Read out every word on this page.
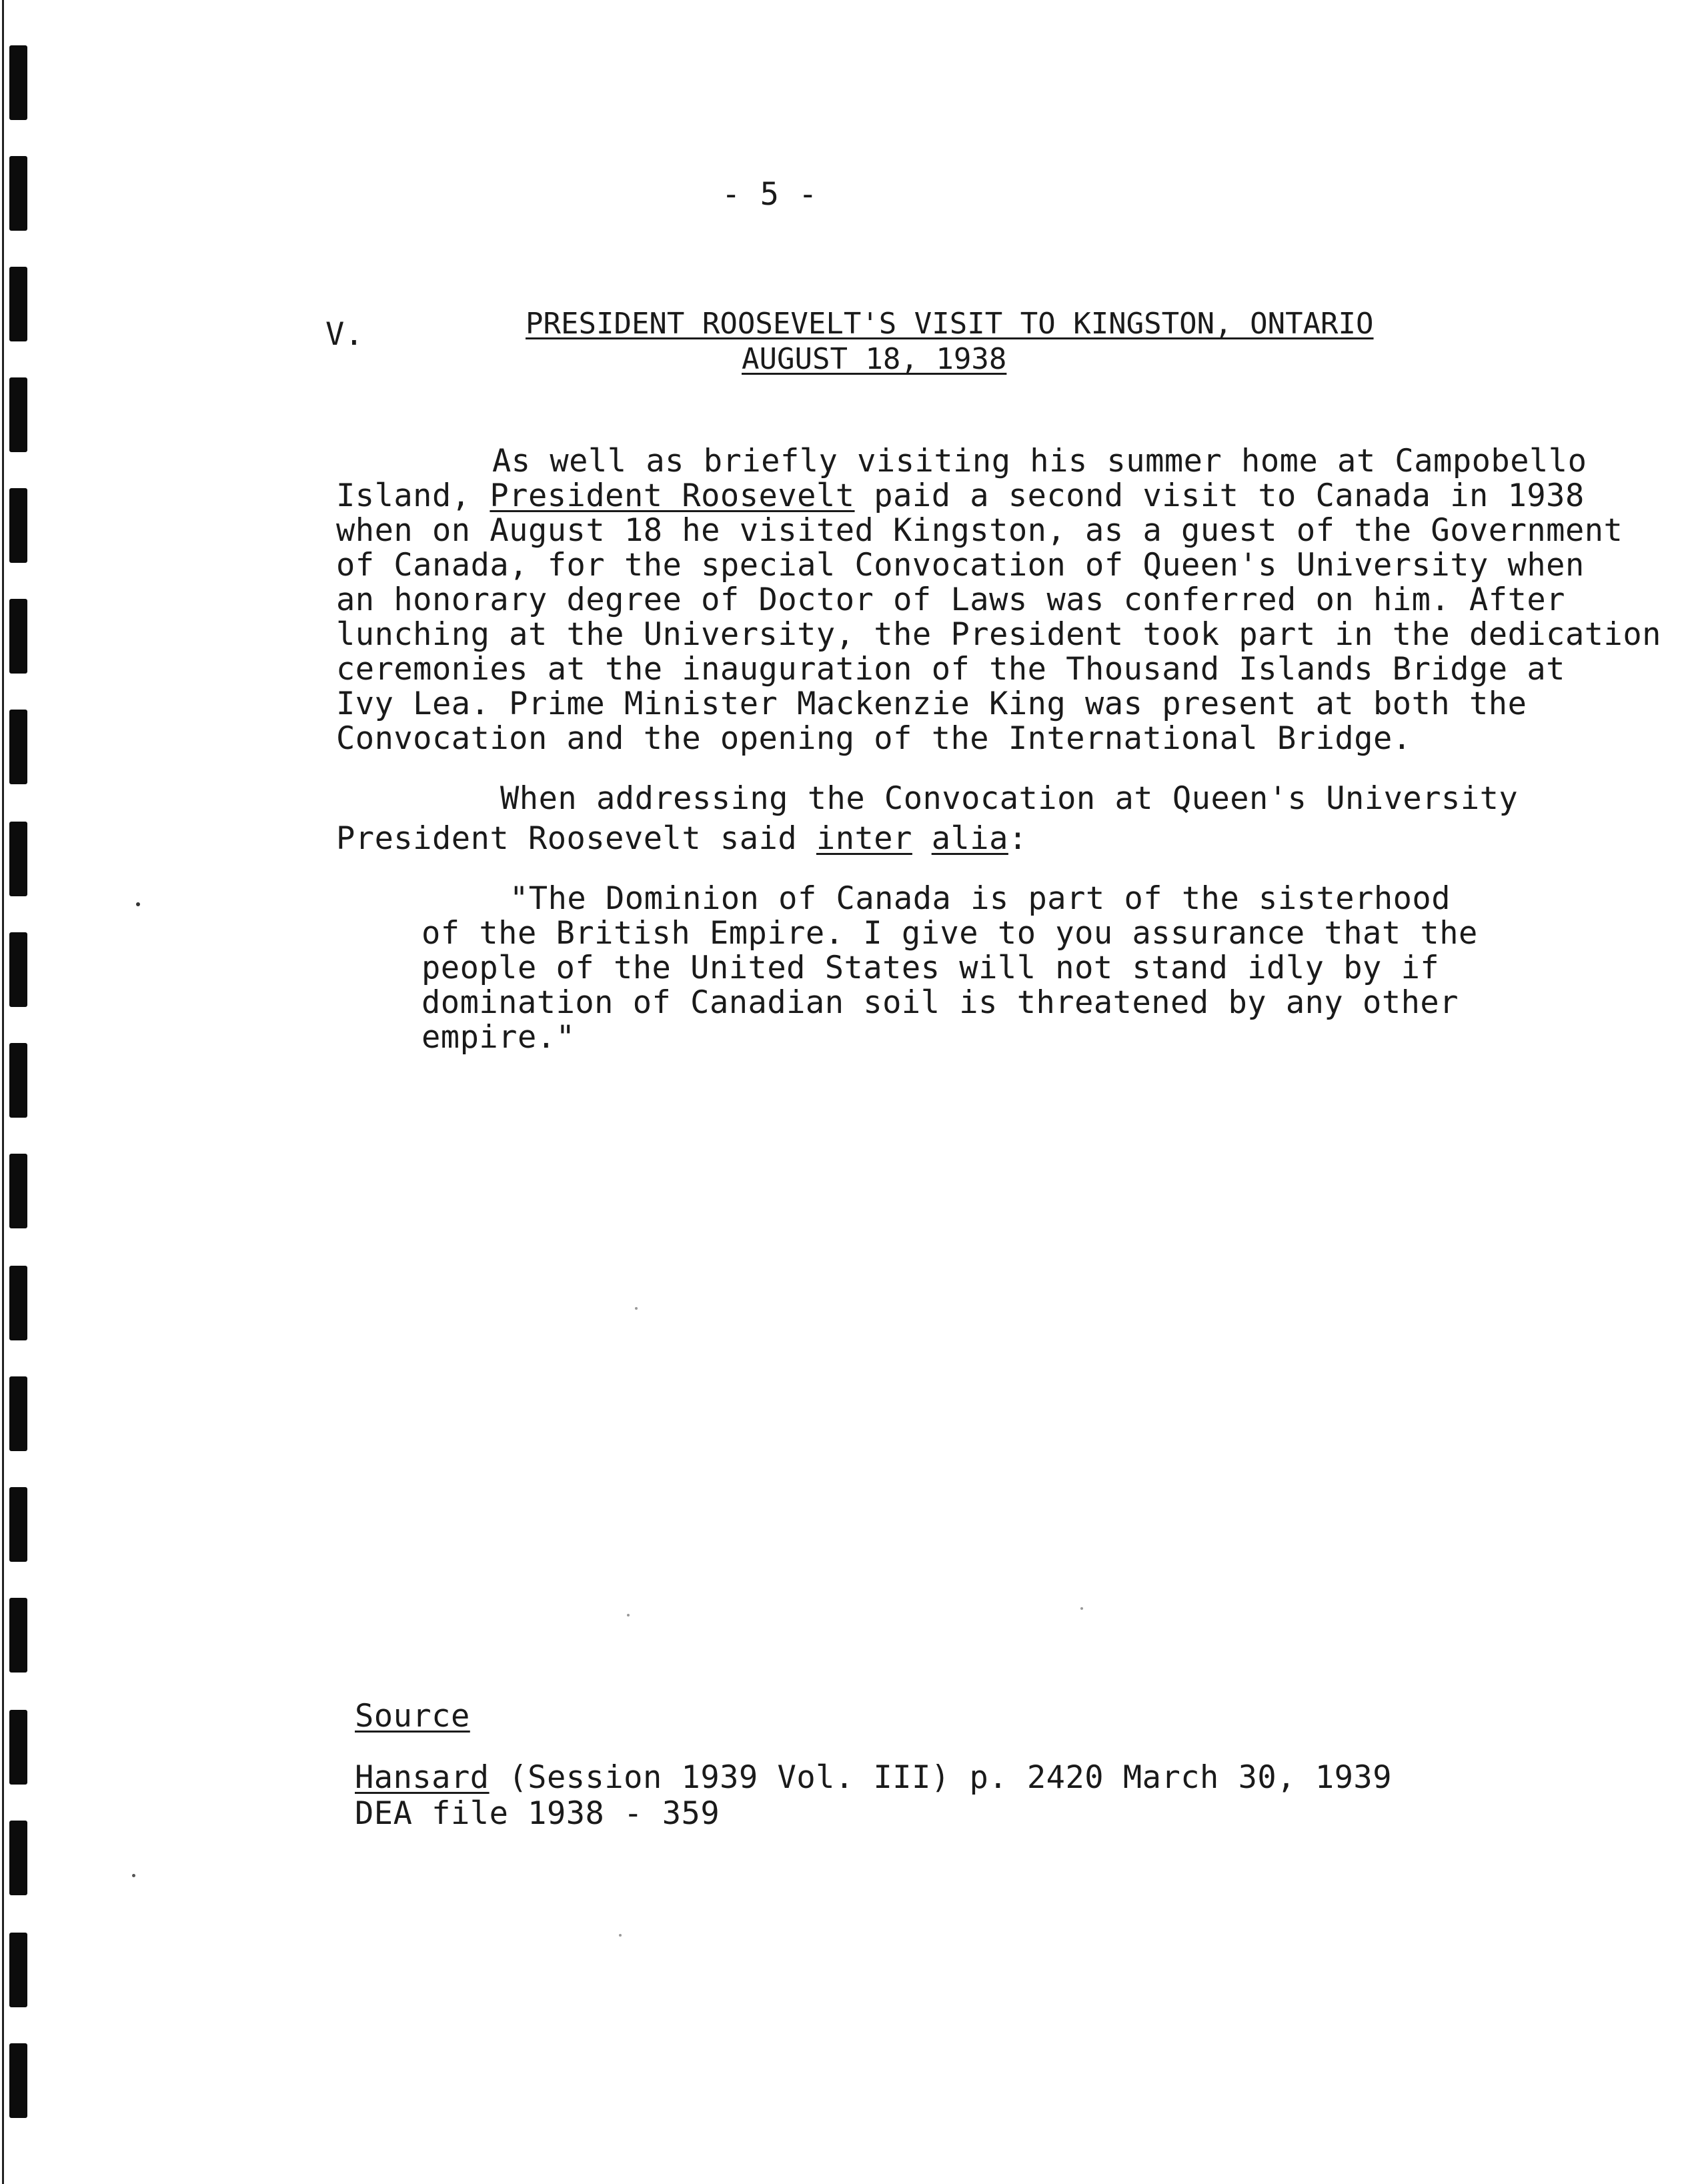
- 5 -
V.	PRESIDENT ROOSEVELT'S VISIT TO KINGSTON, ONTARIO
AUGUST 18, 1938
As well as briefly visiting his summer home at Campobello
Island, President Roosevelt paid a second visit to Canada in 1938
when on August 18 he visited Kingston, as a guest of the Government
of Canada, for the special Convocation of Queen's University when
an honorary degree of Doctor of Laws was conferred on him. After
lunching at the University, the President took part in the dedication
ceremonies at the inauguration of the Thousand Islands Bridge at
Ivy Lea. Prime Minister Mackenzie King was present at both the
Convocation and the opening of the International Bridge.
When addressing the Convocation at Queen's University
President Roosevelt said inter alia:
"The Dominion of Canada is part of the sisterhood
of the British Empire. I give to you assurance that the
people of the United States will not stand idly by if
domination of Canadian soil is threatened by any other
empire."
Source
Hansard (Session 1939 Vol. III) p. 2420 March 30, 1939
DEA file 1938 - 359
